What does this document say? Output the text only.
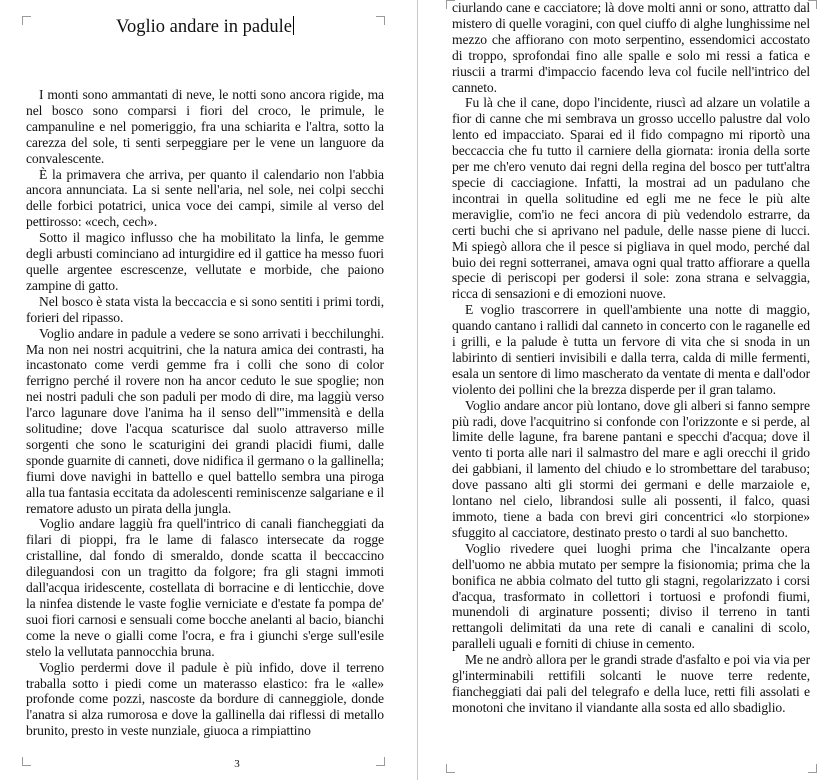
Voglio andare in padule

I monti sono ammantati di neve, le notti sono ancora rigide, ma nel bosco sono comparsi i fiori del croco, le primule, le campanuline e nel pomeriggio, fra una schiarita e l'altra, sotto la carezza del sole, ti senti serpeggiare per le vene un languore da convalescente.

È la primavera che arriva, per quanto il calendario non l'abbia ancora annunciata. La si sente nell'aria, nel sole, nei colpi secchi delle forbici potatrici, unica voce dei campi, simile al verso del pettirosso: «cech, cech».

Sotto il magico influsso che ha mobilitato la linfa, le gemme degli arbusti cominciano ad inturgidire ed il gattice ha messo fuori quelle argentee escrescenze, vellutate e morbide, che paiono zampine di gatto.

Nel bosco è stata vista la beccaccia e si sono sentiti i primi tordi, forieri del ripasso.

Voglio andare in padule a vedere se sono arrivati i becchilunghi. Ma non nei nostri acquitrini, che la natura amica dei contrasti, ha incastonato come verdi gemme fra i colli che sono di color ferrigno perché il rovere non ha ancor ceduto le sue spoglie; non nei nostri paduli che son paduli per modo di dire, ma laggiù verso l'arco lagunare dove l'anima ha il senso dell'"immensità e della solitudine; dove l'acqua scaturisce dal suolo attraverso mille sorgenti che sono le scaturigini dei grandi placidi fiumi, dalle sponde guarnite di canneti, dove nidifica il germano o la gallinella; fiumi dove navighi in battello e quel battello sembra una piroga alla tua fantasia eccitata da adolescenti reminiscenze salgariane e il rematore adusto un pirata della jungla.

Voglio andare laggiù fra quell'intrico di canali fiancheggiati da filari di pioppi, fra le lame di falasco intersecate da rogge cristalline, dal fondo di smeraldo, donde scatta il beccaccino dileguandosi con un tragitto da folgore; fra gli stagni immoti dall'acqua iridescente, costellata di borracine e di lenticchie, dove la ninfea distende le vaste foglie verniciate e d'estate fa pompa de' suoi fiori carnosi e sensuali come bocche anelanti al bacio, bianchi come la neve o gialli come l'ocra, e fra i giunchi s'erge sull'esile stelo la vellutata pannocchia bruna.

Voglio perdermi dove il padule è più infido, dove il terreno traballa sotto i piedi come un materasso elastico: fra le «alle» profonde come pozzi, nascoste da bordure di canneggiole, donde l'anatra si alza rumorosa e dove la gallinella dai riflessi di metallo brunito, presto in veste nunziale, giuoca a rimpiattino

3

ciurlando cane e cacciatore; là dove molti anni or sono, attratto dal mistero di quelle voragini, con quel ciuffo di alghe lunghissime nel mezzo che affiorano con moto serpentino, essendomici accostato di troppo, sprofondai fino alle spalle e solo mi ressi a fatica e riuscii a trarmi d'impaccio facendo leva col fucile nell'intrico del canneto.

Fu là che il cane, dopo l'incidente, riuscì ad alzare un volatile a fior di canne che mi sembrava un grosso uccello palustre dal volo lento ed impacciato. Sparai ed il fido compagno mi riportò una beccaccia che fu tutto il carniere della giornata: ironia della sorte per me ch'ero venuto dai regni della regina del bosco per tutt'altra specie di cacciagione. Infatti, la mostrai ad un padulano che incontrai in quella solitudine ed egli me ne fece le più alte meraviglie, com'io ne feci ancora di più vedendolo estrarre, da certi buchi che si aprivano nel padule, delle nasse piene di lucci. Mi spiegò allora che il pesce si pigliava in quel modo, perché dal buio dei regni sotterranei, amava ogni qual tratto affiorare a quella specie di periscopi per godersi il sole: zona strana e selvaggia, ricca di sensazioni e di emozioni nuove.

E voglio trascorrere in quell'ambiente una notte di maggio, quando cantano i rallidi dal canneto in concerto con le raganelle ed i grilli, e la palude è tutta un fervore di vita che si snoda in un labirinto di sentieri invisibili e dalla terra, calda di mille fermenti, esala un sentore di limo mascherato da ventate di menta e dall'odor violento dei pollini che la brezza disperde per il gran talamo.

Voglio andare ancor più lontano, dove gli alberi si fanno sempre più radi, dove l'acquitrino si confonde con l'orizzonte e si perde, al limite delle lagune, fra barene pantani e specchi d'acqua; dove il vento ti porta alle nari il salmastro del mare e agli orecchi il grido dei gabbiani, il lamento del chiudo e lo strombettare del tarabuso; dove passano alti gli stormi dei germani e delle marzaiole e, lontano nel cielo, librandosi sulle ali possenti, il falco, quasi immoto, tiene a bada con brevi giri concentrici «lo storpione» sfuggito al cacciatore, destinato presto o tardi al suo banchetto.

Voglio rivedere quei luoghi prima che l'incalzante opera dell'uomo ne abbia mutato per sempre la fisionomia; prima che la bonifica ne abbia colmato del tutto gli stagni, regolarizzato i corsi d'acqua, trasformato in collettori i tortuosi e profondi fiumi, munendoli di arginature possenti; diviso il terreno in tanti rettangoli delimitati da una rete di canali e canalini di scolo, paralleli uguali e forniti di chiuse in cemento.

Me ne andrò allora per le grandi strade d'asfalto e poi via via per gl'interminabili rettifili solcanti le nuove terre redente, fiancheggiati dai pali del telegrafo e della luce, retti fili assolati e monotoni che invitano il viandante alla sosta ed allo sbadiglio.
